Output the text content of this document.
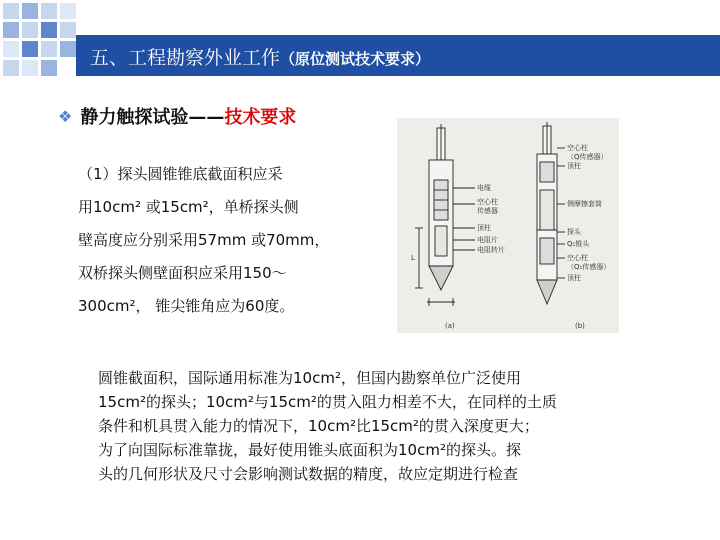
五、工程勘察外业工作（原位测试技术要求）
❖ 静力触探试验—— 技术要求
（1）探头圆锥锥底截面积应采
用10cm² 或15cm²，单桥探头侧
壁高度应分别采用57mm 或70mm，
双桥探头侧壁面积应采用150～
300cm²， 锥尖锥角应为60度。
L
电缆
空心柱
传感器
顶柱
电阻片
电阻转片
(a)
空心柱
（Q传感器）
顶柱
侧摩擦套筒
探头
Q₁锥头
空心柱
（Q₁传感器）
顶柱
(b)
圆锥截面积，国际通用标准为10cm²，但国内勘察单位广泛使用
15cm²的探头；10cm²与15cm²的贯入阻力相差不大，在同样的土质
条件和机具贯入能力的情况下，10cm²比15cm²的贯入深度更大；
为了向国际标准靠拢，最好使用锥头底面积为10cm²的探头。探
头的几何形状及尺寸会影响测试数据的精度，故应定期进行检查
